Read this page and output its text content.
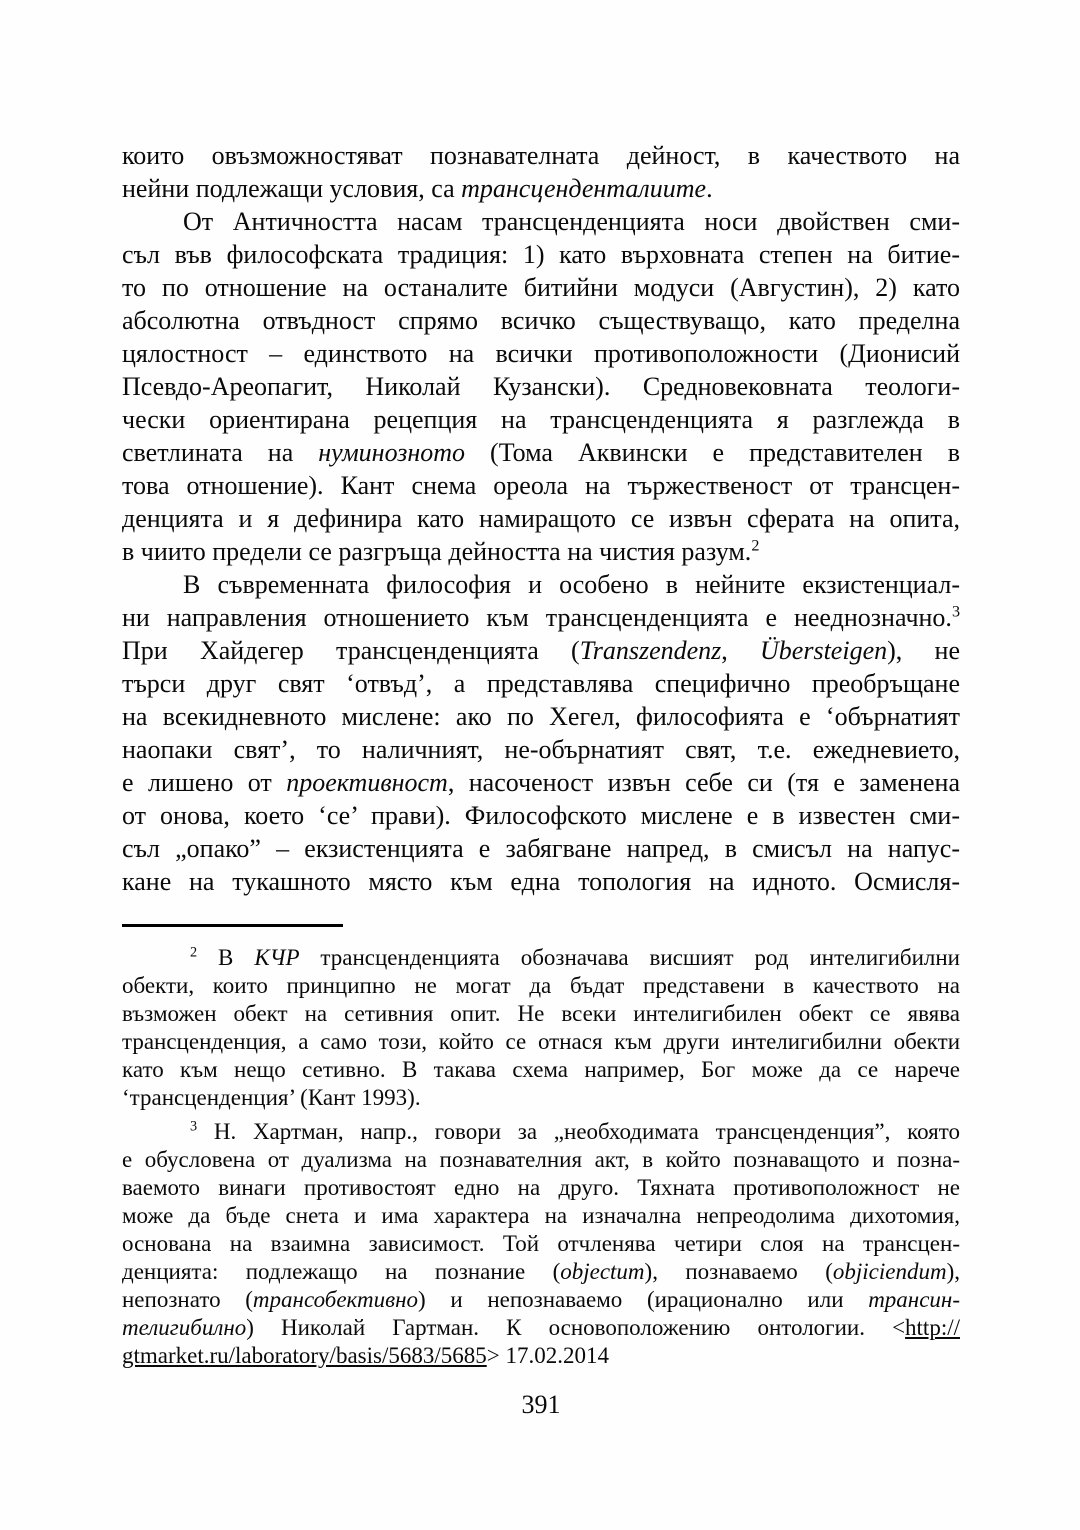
които овъзможностяват познавателната дейност, в качеството на
нейни подлежащи условия, са трансценденталиите.
От Античността насам трансценденцията носи двойствен сми-
съл във философската традиция: 1) като върховната степен на битие-
то по отношение на останалите битийни модуси (Августин), 2) като
абсолютна отвъдност спрямо всичко съществуващо, като пределна
цялостност – единството на всички противоположности (Дионисий
Псевдо-Ареопагит, Николай Кузански). Средновековната теологи-
чески ориентирана рецепция на трансценденцията я разглежда в
светлината на нуминозното (Тома Аквински е представителен в
това отношение). Кант снема ореола на тържественост от трансцен-
денцията и я дефинира като намиращото се извън сферата на опита,
в чиито предели се разгръща дейността на чистия разум.$^2$
В съвременната философия и особено в нейните екзистенциал-
ни направления отношението към трансценденцията е нееднозначно.$^3$
При Хайдегер трансценденцията (Transzendenz, Übersteigen), не
търси друг свят ‘отвъд’, а представлява специфично преобръщане
на всекидневното мислене: ако по Хегел, философията е ‘обърнатият
наопаки свят’, то наличният, не-обърнатият свят, т.е. ежедневието,
е лишено от проективност, насоченост извън себе си (тя е заменена
от онова, което ‘се’ прави). Философското мислене е в известен сми-
съл „опако” – екзистенцията е забягване напред, в смисъл на напус-
кане на тукашното място към една топология на идното. Осмисля-
$^2$ В КЧР трансценденцията обозначава висшият род интелигибилни
обекти, които принципно не могат да бъдат представени в качеството на
възможен обект на сетивния опит. Не всеки интелигибилен обект се явява
трансценденция, а само този, който се отнася към други интелигибилни обекти
като към нещо сетивно. В такава схема например, Бог може да се нарече
‘трансценденция’ (Кант 1993).
$^3$ Н. Хартман, напр., говори за „необходимата трансценденция”, която
е обусловена от дуализма на познавателния акт, в който познаващото и позна-
ваемото винаги противостоят едно на друго. Тяхната противоположност не
може да бъде снета и има характера на изначална непреодолима дихотомия,
основана на взаимна зависимост. Той отчленява четири слоя на трансцен-
денцията: подлежащо на познание (objectum), познаваемо (objiciendum),
непознато (трансобективно) и непознаваемо (ирационално или трансин-
телигибилно) Николай Гартман. К основоположению онтологии. <http://
gtmarket.ru/laboratory/basis/5683/5685> 17.02.2014
391
